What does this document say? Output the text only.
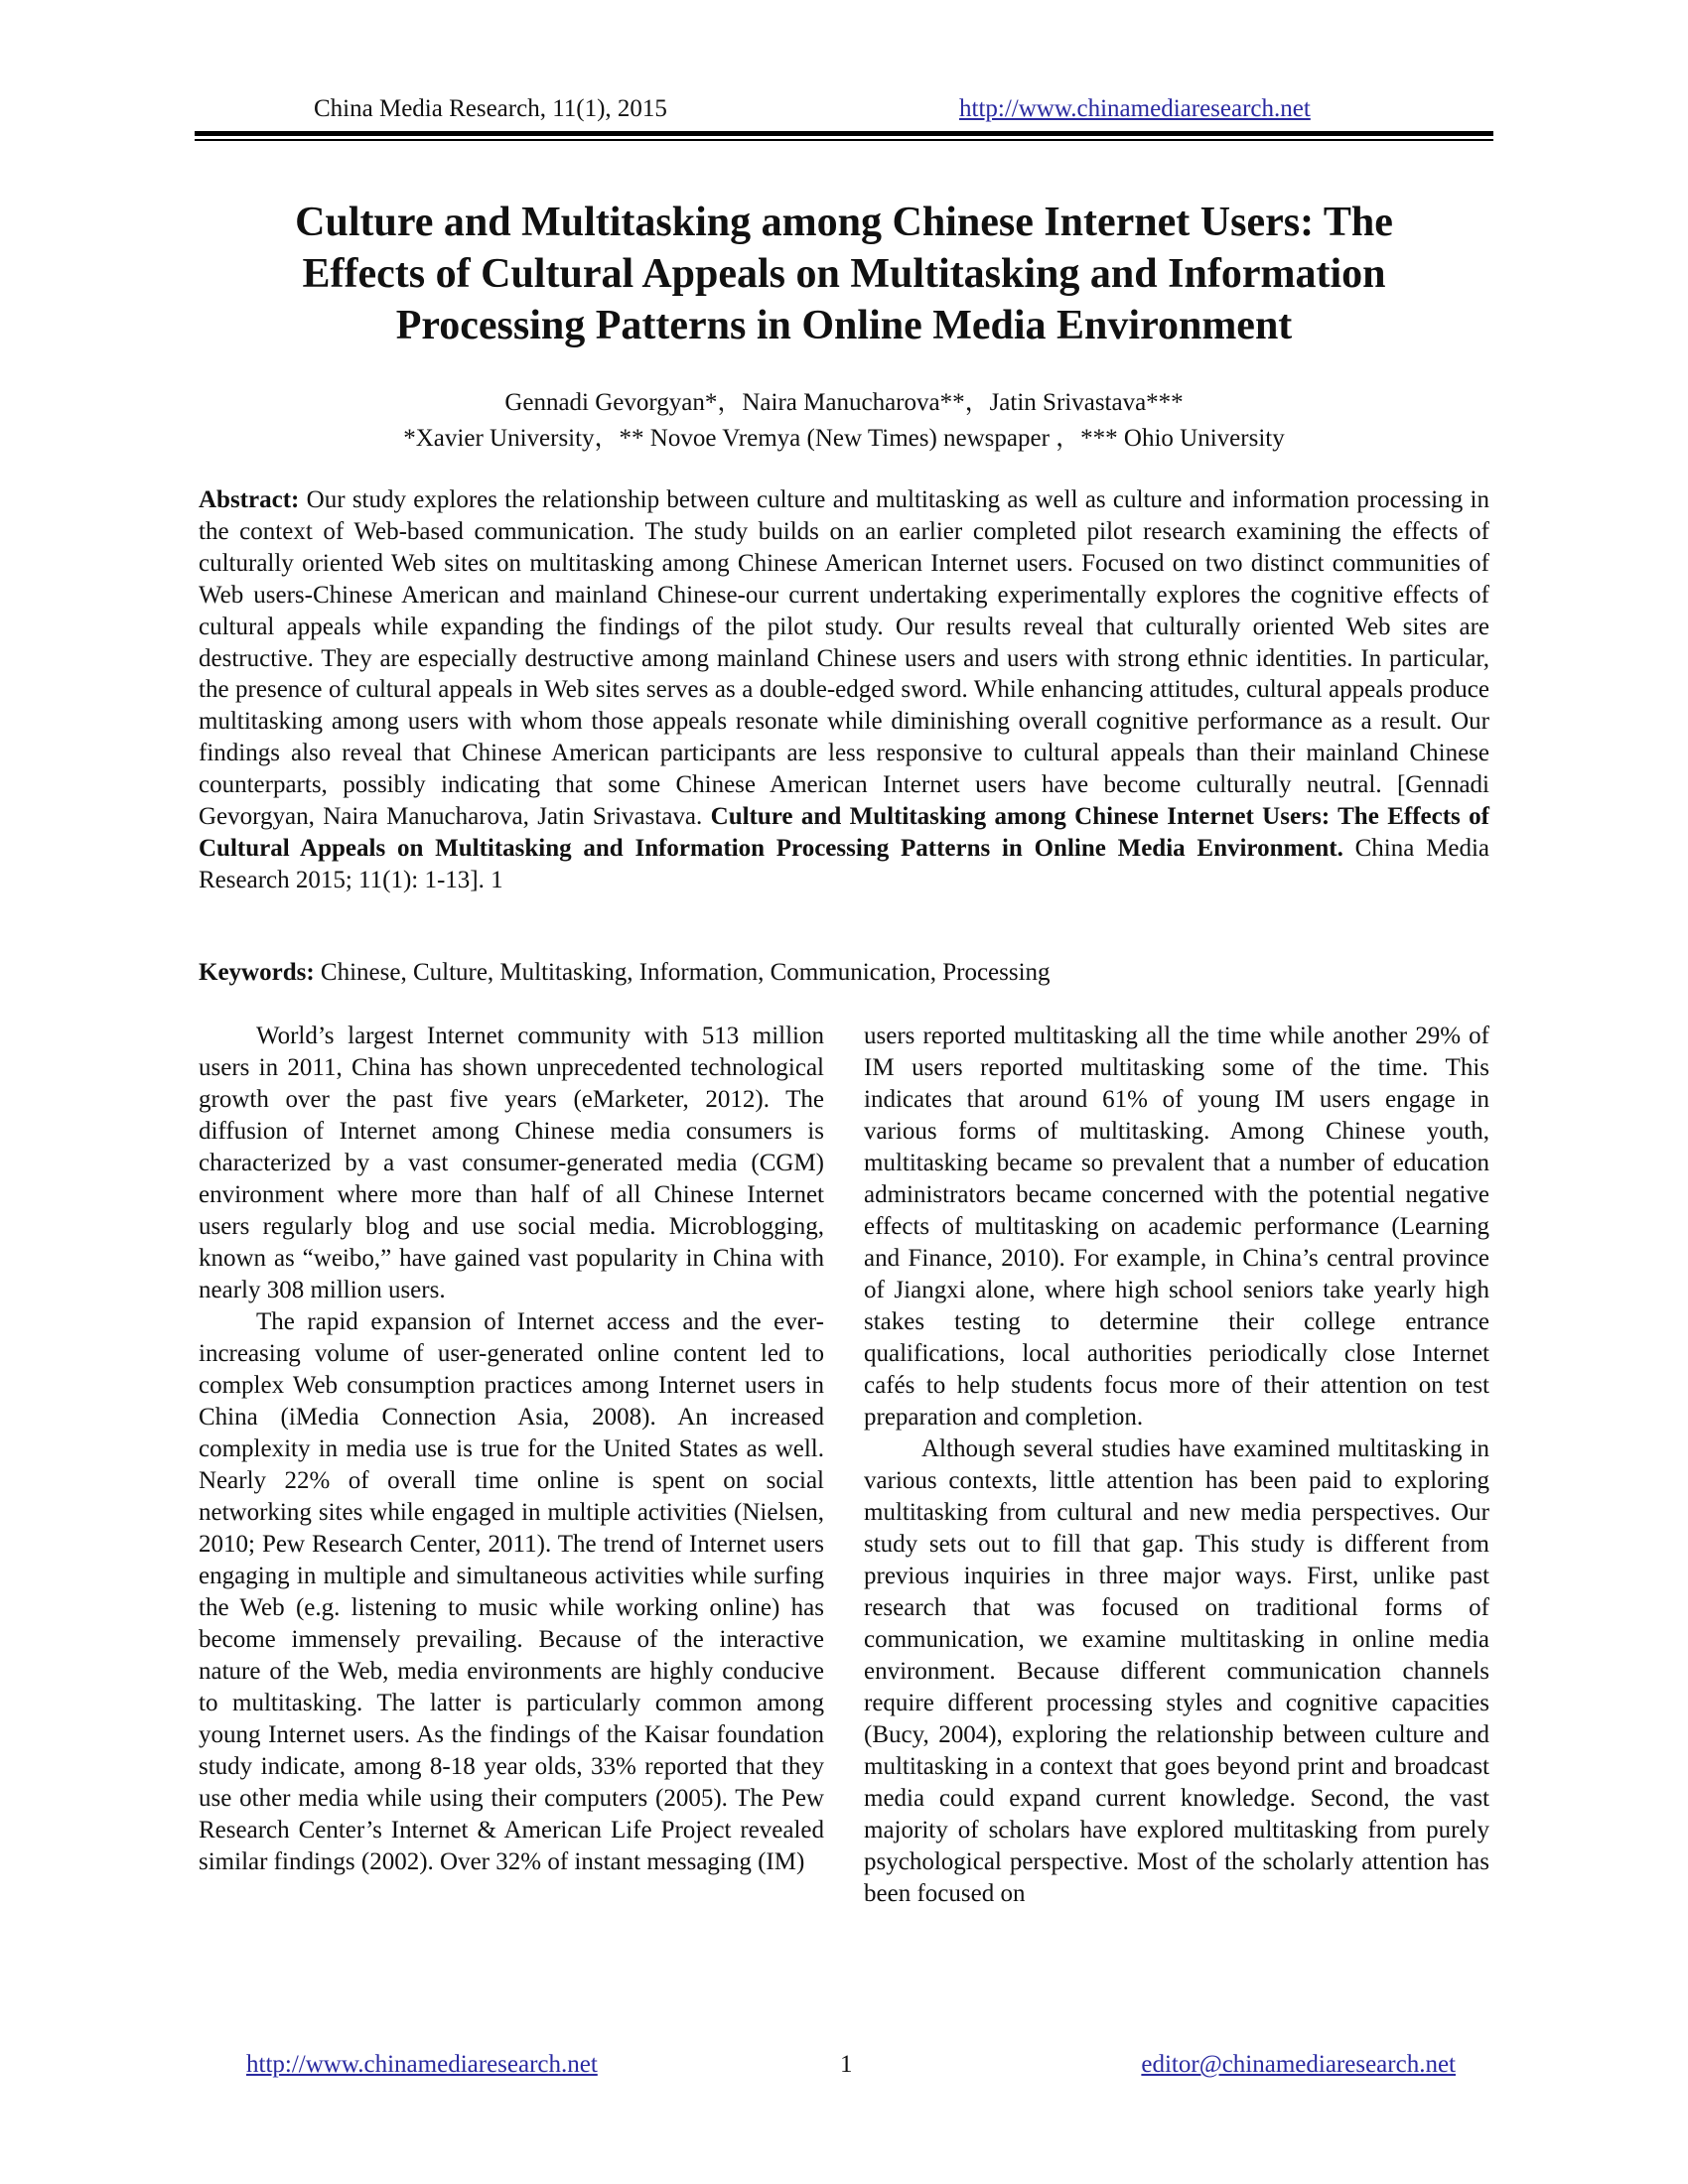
China Media Research, 11(1), 2015	http://www.chinamediaresearch.net
Culture and Multitasking among Chinese Internet Users: The
Effects of Cultural Appeals on Multitasking and Information
Processing Patterns in Online Media Environment
Gennadi Gevorgyan*，Naira Manucharova**，Jatin Srivastava***
*Xavier University，** Novoe Vremya (New Times) newspaper ，*** Ohio University

Abstract: Our study explores the relationship between culture and multitasking as well as culture and information processing in the context of Web-based communication. The study builds on an earlier completed pilot research examining the effects of culturally oriented Web sites on multitasking among Chinese American Internet users. Focused on two distinct communities of Web users-Chinese American and mainland Chinese-our current undertaking experimentally explores the cognitive effects of cultural appeals while expanding the findings of the pilot study. Our results reveal that culturally oriented Web sites are destructive. They are especially destructive among mainland Chinese users and users with strong ethnic identities. In particular, the presence of cultural appeals in Web sites serves as a double-edged sword. While enhancing attitudes, cultural appeals produce multitasking among users with whom those appeals resonate while diminishing overall cognitive performance as a result. Our findings also reveal that Chinese American participants are less responsive to cultural appeals than their mainland Chinese counterparts, possibly indicating that some Chinese American Internet users have become culturally neutral. [Gennadi Gevorgyan, Naira Manucharova, Jatin Srivastava. Culture and Multitasking among Chinese Internet Users: The Effects of Cultural Appeals on Multitasking and Information Processing Patterns in Online Media Environment. China Media Research 2015; 11(1): 1-13]. 1

Keywords: Chinese, Culture, Multitasking, Information, Communication, Processing

World’s largest Internet community with 513 million users in 2011, China has shown unprecedented technological growth over the past five years (eMarketer, 2012). The diffusion of Internet among Chinese media consumers is characterized by a vast consumer-generated media (CGM) environment where more than half of all Chinese Internet users regularly blog and use social media. Microblogging, known as “weibo,” have gained vast popularity in China with nearly 308 million users.

The rapid expansion of Internet access and the ever-increasing volume of user-generated online content led to complex Web consumption practices among Internet users in China (iMedia Connection Asia, 2008). An increased complexity in media use is true for the United States as well. Nearly 22% of overall time online is spent on social networking sites while engaged in multiple activities (Nielsen, 2010; Pew Research Center, 2011). The trend of Internet users engaging in multiple and simultaneous activities while surfing the Web (e.g. listening to music while working online) has become immensely prevailing. Because of the interactive nature of the Web, media environments are highly conducive to multitasking. The latter is particularly common among young Internet users. As the findings of the Kaisar foundation study indicate, among 8-18 year olds, 33% reported that they use other media while using their computers (2005). The Pew Research Center’s Internet & American Life Project revealed similar findings (2002). Over 32% of instant messaging (IM)

users reported multitasking all the time while another 29% of IM users reported multitasking some of the time. This indicates that around 61% of young IM users engage in various forms of multitasking. Among Chinese youth, multitasking became so prevalent that a number of education administrators became concerned with the potential negative effects of multitasking on academic performance (Learning and Finance, 2010). For example, in China’s central province of Jiangxi alone, where high school seniors take yearly high stakes testing to determine their college entrance qualifications, local authorities periodically close Internet cafés to help students focus more of their attention on test preparation and completion.

Although several studies have examined multitasking in various contexts, little attention has been paid to exploring multitasking from cultural and new media perspectives. Our study sets out to fill that gap. This study is different from previous inquiries in three major ways. First, unlike past research that was focused on traditional forms of communication, we examine multitasking in online media environment. Because different communication channels require different processing styles and cognitive capacities (Bucy, 2004), exploring the relationship between culture and multitasking in a context that goes beyond print and broadcast media could expand current knowledge. Second, the vast majority of scholars have explored multitasking from purely psychological perspective. Most of the scholarly attention has been focused on

http://www.chinamediaresearch.net	1	editor@chinamediaresearch.net
